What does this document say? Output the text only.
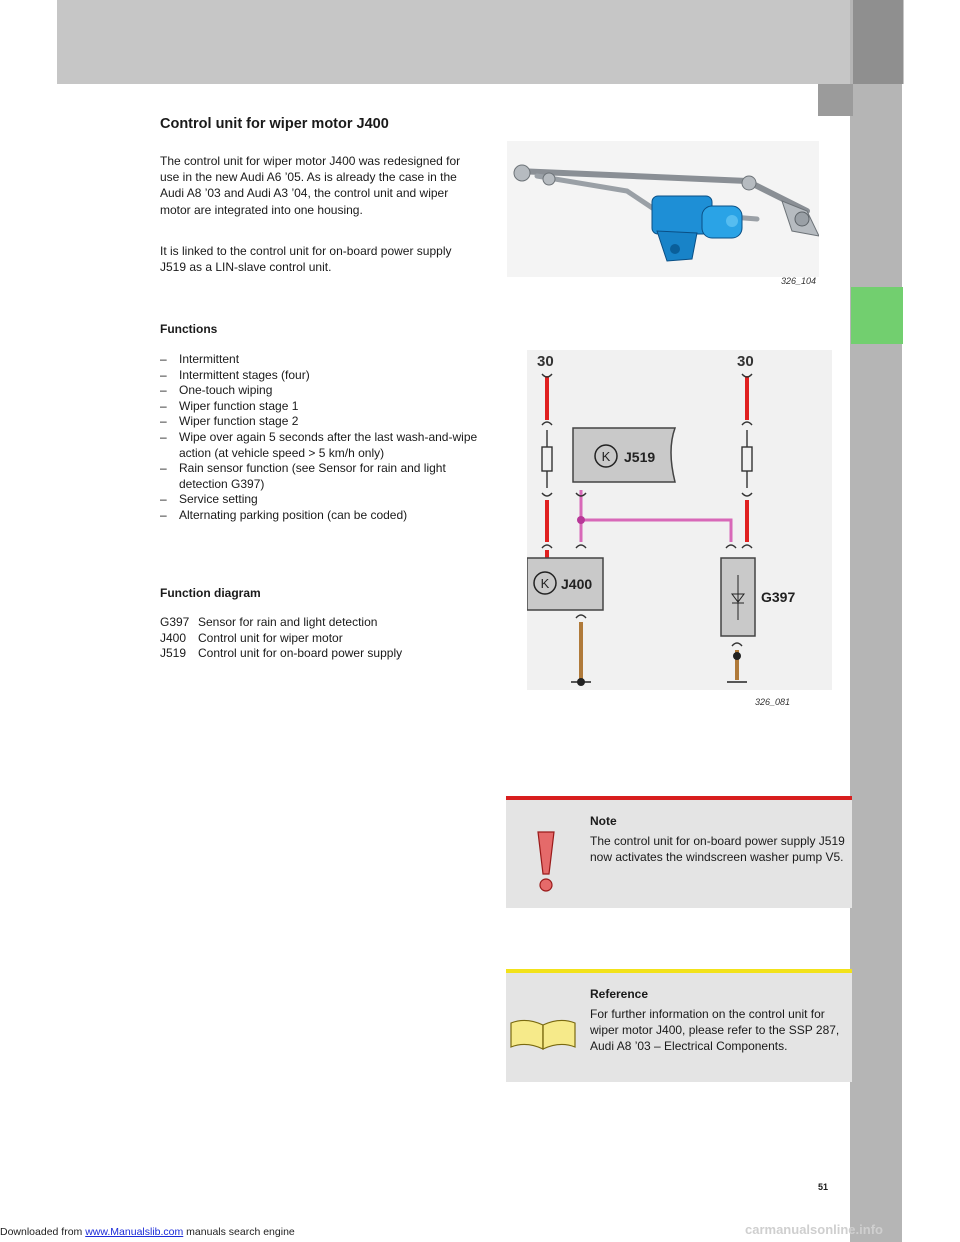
Control unit for wiper motor J400

The control unit for wiper motor J400 was redesigned for use in the new Audi A6 ’05. As is already the case in the Audi A8 ’03 and Audi A3 ’04, the control unit and wiper motor are integrated into one housing.

It is linked to the control unit for on-board power supply J519 as a LIN-slave control unit.

326_104
Functions
– Intermittent
– Intermittent stages (four)
– One-touch wiping
– Wiper function stage 1
– Wiper function stage 2
– Wipe over again 5 seconds after the last wash-and-wipe action (at vehicle speed > 5 km/h only)
– Rain sensor function (see Sensor for rain and light detection G397)
– Service setting
– Alternating parking position (can be coded)
Function diagram
G397 Sensor for rain and light detection
J400 Control unit for wiper motor
J519 Control unit for on-board power supply
30	30
K J519
K J400
G397
326_081
Note
The control unit for on-board power supply J519 now activates the windscreen washer pump V5.
Reference
For further information on the control unit for wiper motor J400, please refer to the SSP 287, Audi A8 ’03 – Electrical Components.
51
Downloaded from www.Manualslib.com manuals search engine	carmanualsonline.info
